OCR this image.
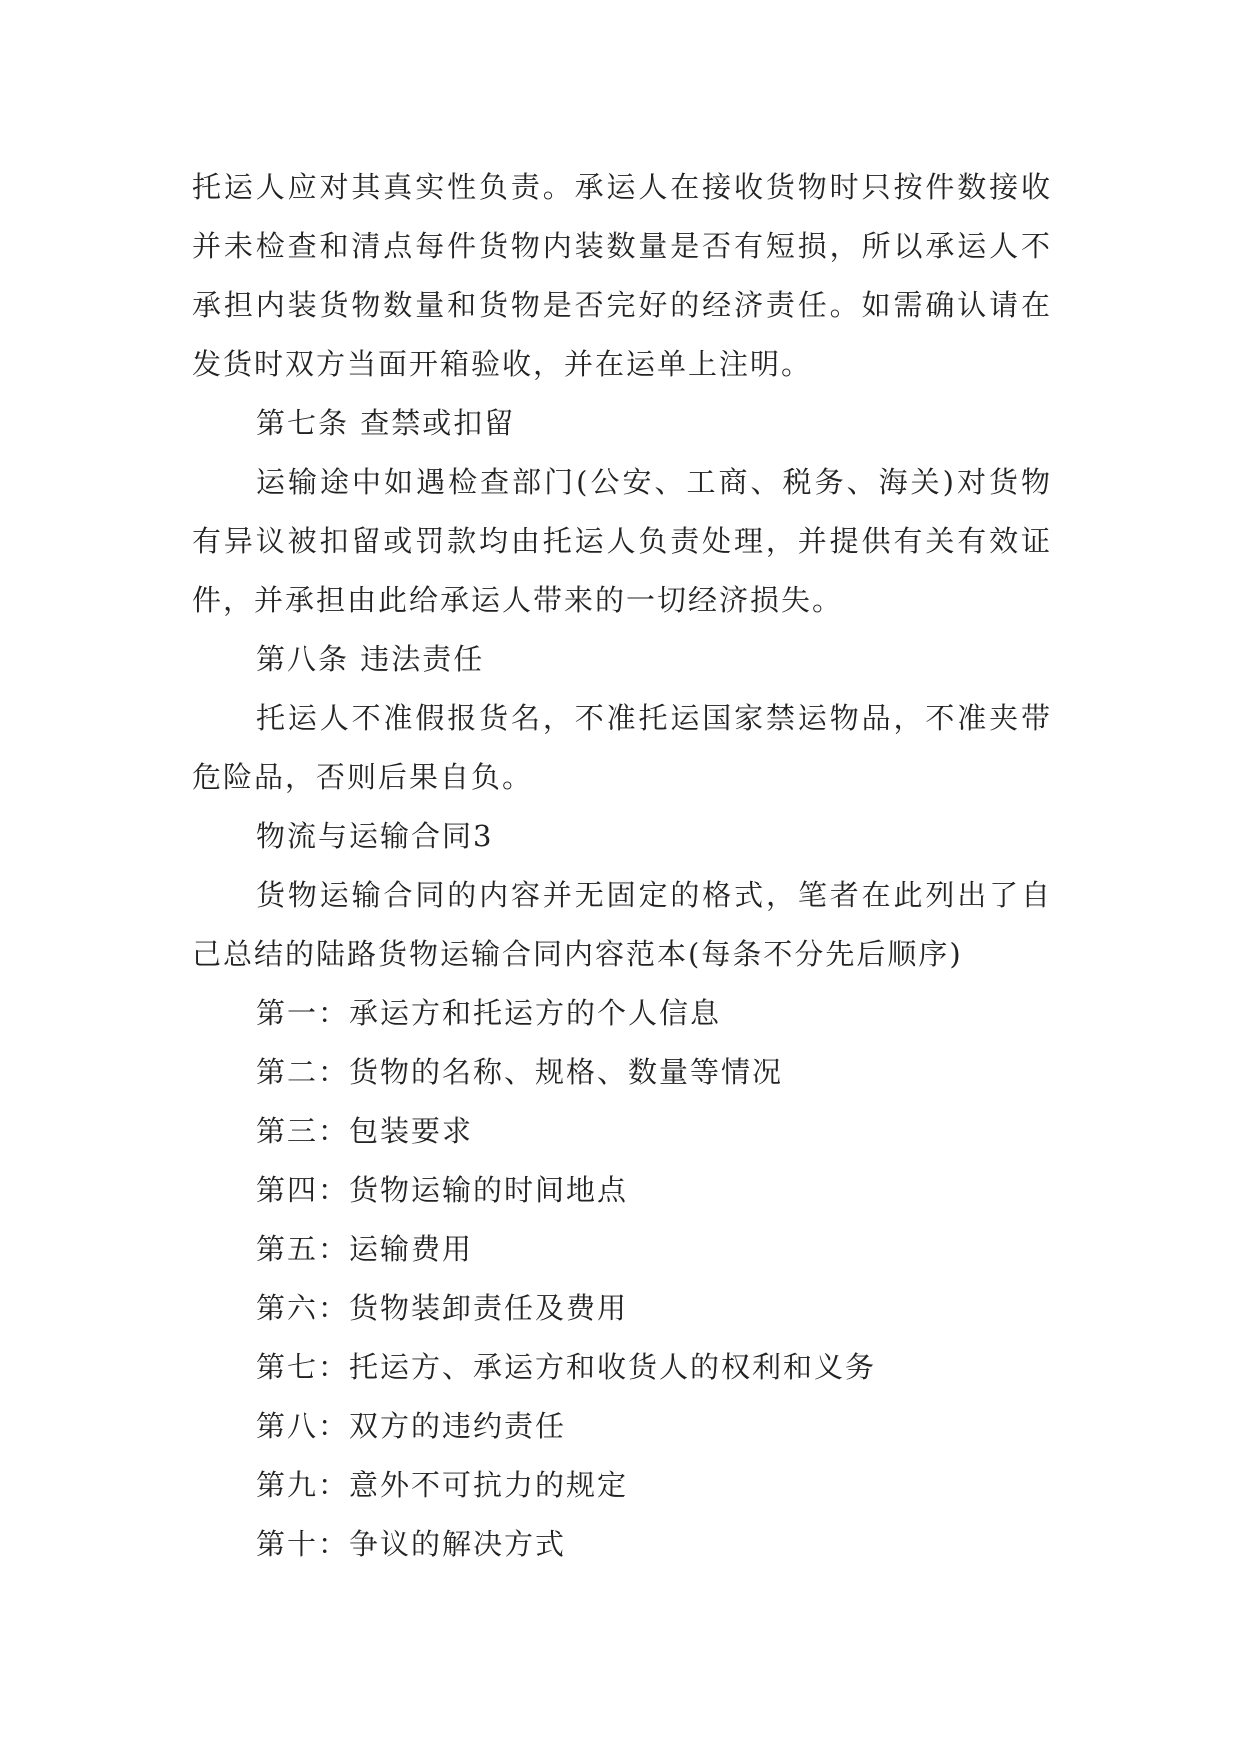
托运人应对其真实性负责。承运人在接收货物时只按件数接收并未检查和清点每件货物内装数量是否有短损，所以承运人不承担内装货物数量和货物是否完好的经济责任。如需确认请在发货时双方当面开箱验收，并在运单上注明。

第七条 查禁或扣留

运输途中如遇检查部门(公安、工商、税务、海关)对货物有异议被扣留或罚款均由托运人负责处理，并提供有关有效证件，并承担由此给承运人带来的一切经济损失。

第八条 违法责任

托运人不准假报货名，不准托运国家禁运物品，不准夹带危险品，否则后果自负。

物流与运输合同3

货物运输合同的内容并无固定的格式，笔者在此列出了自己总结的陆路货物运输合同内容范本(每条不分先后顺序)

第一：承运方和托运方的个人信息

第二：货物的名称、规格、数量等情况

第三：包装要求

第四：货物运输的时间地点

第五：运输费用

第六：货物装卸责任及费用

第七：托运方、承运方和收货人的权利和义务

第八：双方的违约责任

第九：意外不可抗力的规定

第十：争议的解决方式
